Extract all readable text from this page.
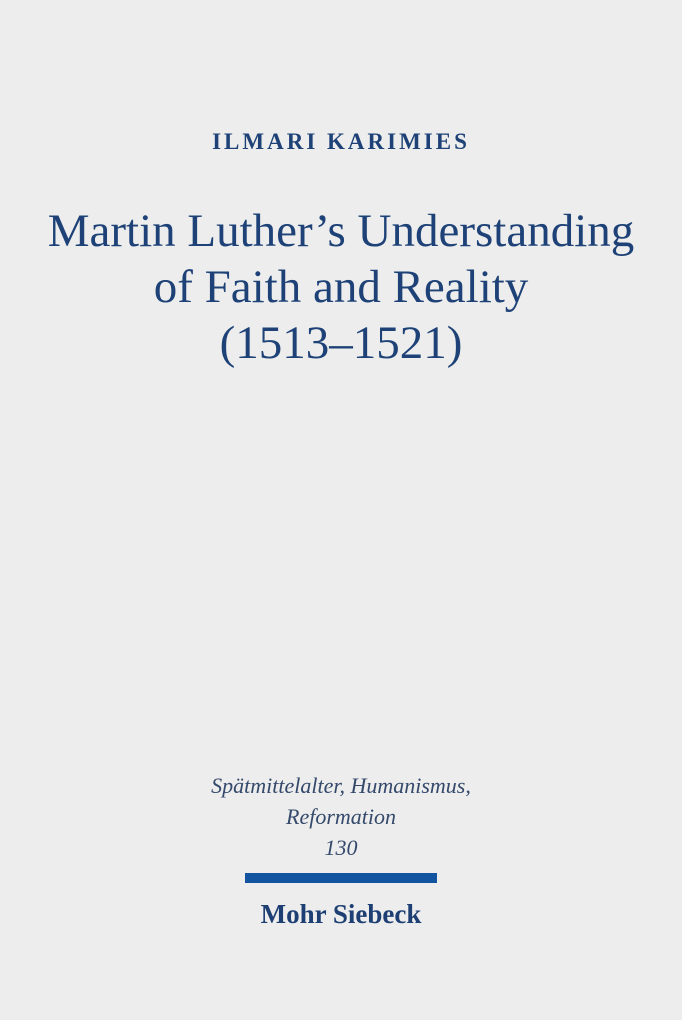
ILMARI KARIMIES
Martin Luther’s Understanding
of Faith and Reality
(1513–1521)
Spätmittelalter, Humanismus,
Reformation
130
Mohr Siebeck
